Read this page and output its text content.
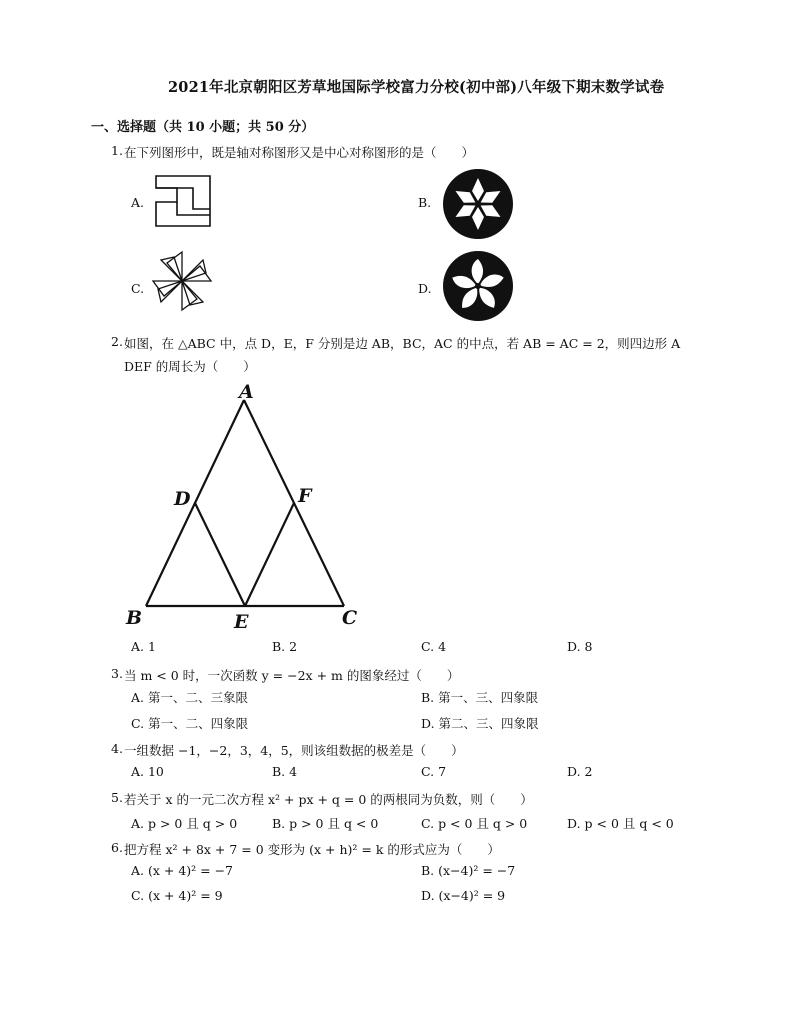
2021年北京朝阳区芳草地国际学校富力分校(初中部)八年级下期末数学试卷
一、选择题（共 10 小题；共 50 分）
1. 在下列图形中，既是轴对称图形又是中心对称图形的是（　　）
A.	B.
C.	D.
2. 如图，在 △ABC 中，点 D，E，F 分别是边 AB，BC，AC 的中点，若 AB = AC = 2，则四边形 A
DEF 的周长为（　　）
A
B	C
D
E
F
A. 1	B. 2	C. 4	D. 8
3. 当 m < 0 时，一次函数 y = −2x + m 的图象经过（　　）
A. 第一、二、三象限	B. 第一、三、四象限
C. 第一、二、四象限	D. 第二、三、四象限
4. 一组数据 −1，−2，3，4，5，则该组数据的极差是（　　）
A. 10	B. 4	C. 7	D. 2
5. 若关于 x 的一元二次方程 x² + px + q = 0 的两根同为负数，则（　　）
A. p > 0 且 q > 0	B. p > 0 且 q < 0	C. p < 0 且 q > 0	D. p < 0 且 q < 0
6. 把方程 x² + 8x + 7 = 0 变形为 (x + h)² = k 的形式应为（　　）
A. (x + 4)² = −7	B. (x−4)² = −7
C. (x + 4)² = 9	D. (x−4)² = 9
